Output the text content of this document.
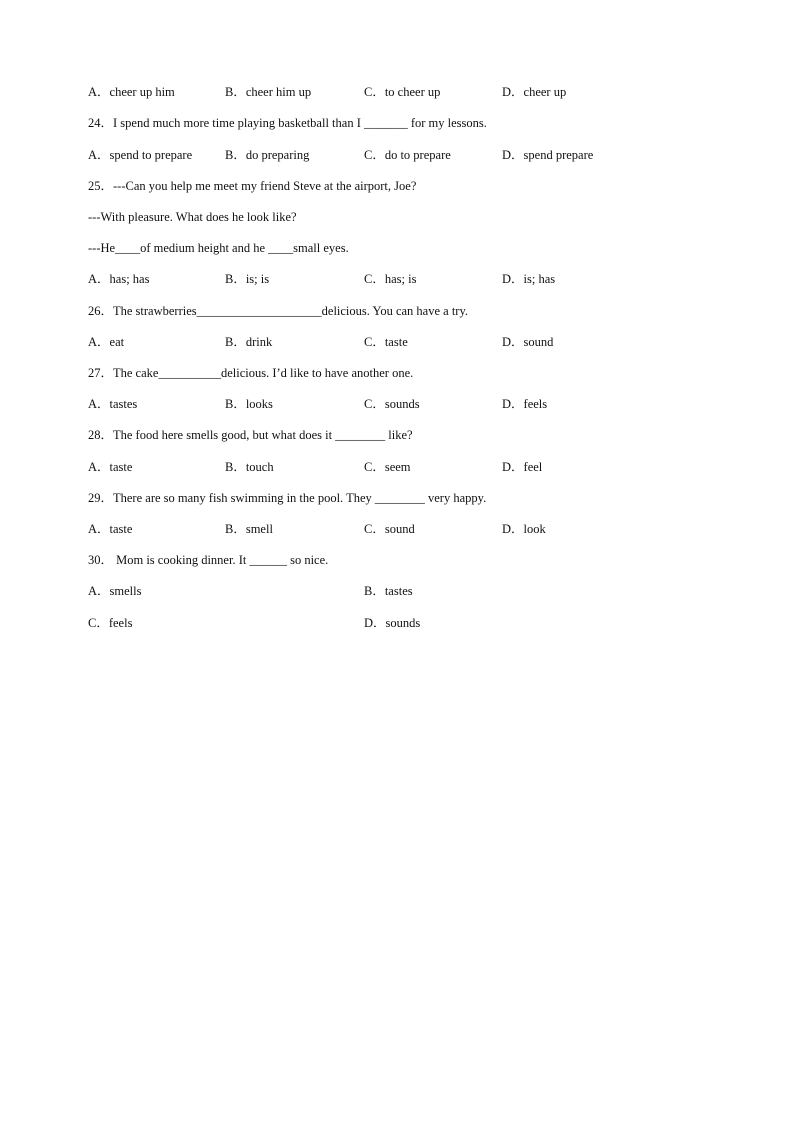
A．cheer up him	B．cheer him up	C．to cheer up	D．cheer up
24．I spend much more time playing basketball than I _______ for my lessons.
A．spend to prepare	B．do preparing	C．do to prepare	D．spend prepare
25．---Can you help me meet my friend Steve at the airport, Joe?
---With pleasure. What does he look like?
---He____of medium height and he ____small eyes.
A．has; has	B．is; is	C．has; is	D．is; has
26．The strawberries____________________delicious. You can have a try.
A．eat	B．drink	C．taste	D．sound
27．The cake__________delicious. I’d like to have another one.
A．tastes	B．looks	C．sounds	D．feels
28．The food here smells good, but what does it ________ like?
A．taste	B．touch	C．seem	D．feel
29．There are so many fish swimming in the pool. They ________ very happy.
A．taste	B．smell	C．sound	D．look
30． Mom is cooking dinner. It ______ so nice.
A．smells	B．tastes
C．feels	D．sounds
